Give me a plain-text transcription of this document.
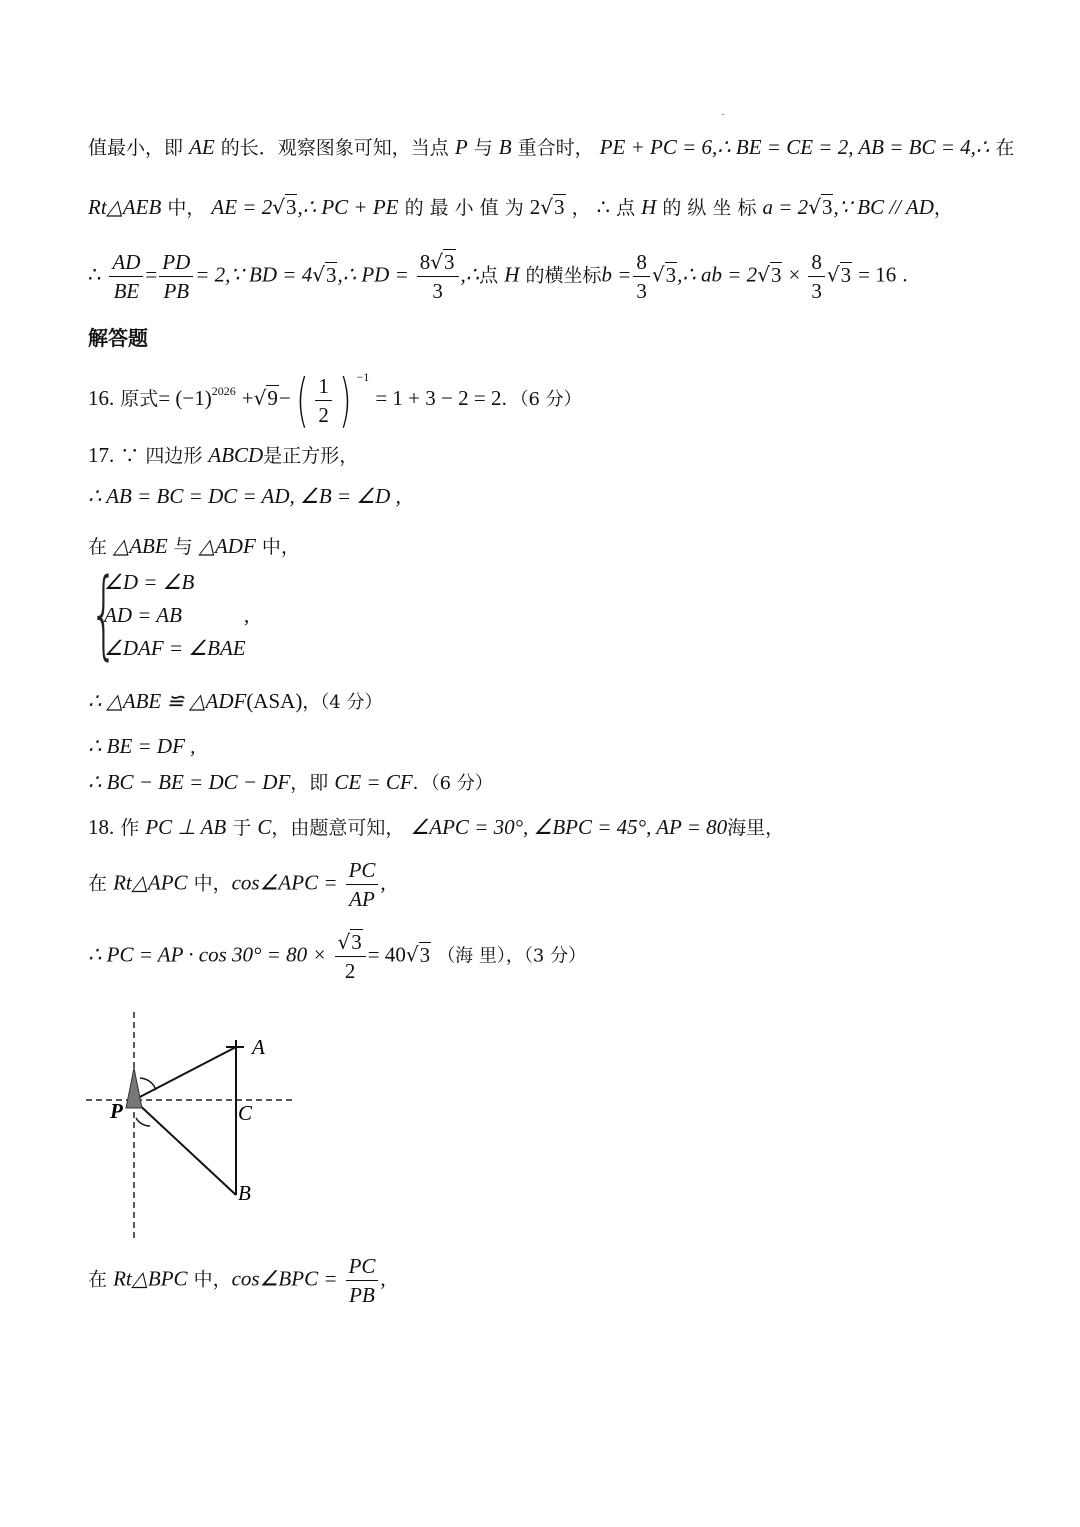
值最小，即 AE 的长．观察图象可知，当点 P 与 B 重合时， PE + PC = 6,∴ BE = CE = 2, AB = BC = 4,∴ 在
Rt△AEB 中， AE = 2√3,∴ PC + PE 的 最 小 值 为 2√3 ， ∴ 点 H 的 纵 坐 标 a = 2√3,∵ BC // AD，
∴ $\frac{AD}{BE} = \frac{PD}{PB}$ = 2,∵ BD = 4√3,∴ PD = $\frac{8√3}{3}$ ,∴点 H 的横坐标$b = \frac{8}{3}$ √3,∴ ab = $2√3 \times \frac{8}{3} √3 = 16$ .
解答题
16. 原式= $(-1)^{2026} +√9-( \frac{1}{2}$ ) $^{-1}$ = 1 + 3 − 2 = 2．（6 分）
17. ∵ 四边形 ABCD是正方形，
∴ AB = BC = DC = AD, ∠B = ∠D ,
在 △ABE 与 △ADF 中，
{
∠D = ∠B
AD = AB
∠DAF = ∠BAE
,
∴ △ABE ≌ △ADF(ASA)，（4 分）
∴ BE = DF ,
∴ BC − BE = DC − DF，即 CE = CF．（6 分）
18. 作 PC ⊥ AB 于 C，由题意可知， ∠APC = 30°, ∠BPC = 45°, AP = 80海里，
在 Rt△APC 中，cos∠APC = $\frac{PC}{AP}$ ,
∴ PC = AP · $\cos 30^\circ = 80 \times \frac{√3}{2} = 40√3$ （海 里），（3 分）
A
P	C
B
在 Rt△BPC 中，cos∠BPC = $\frac{PC}{PB}$ ,
